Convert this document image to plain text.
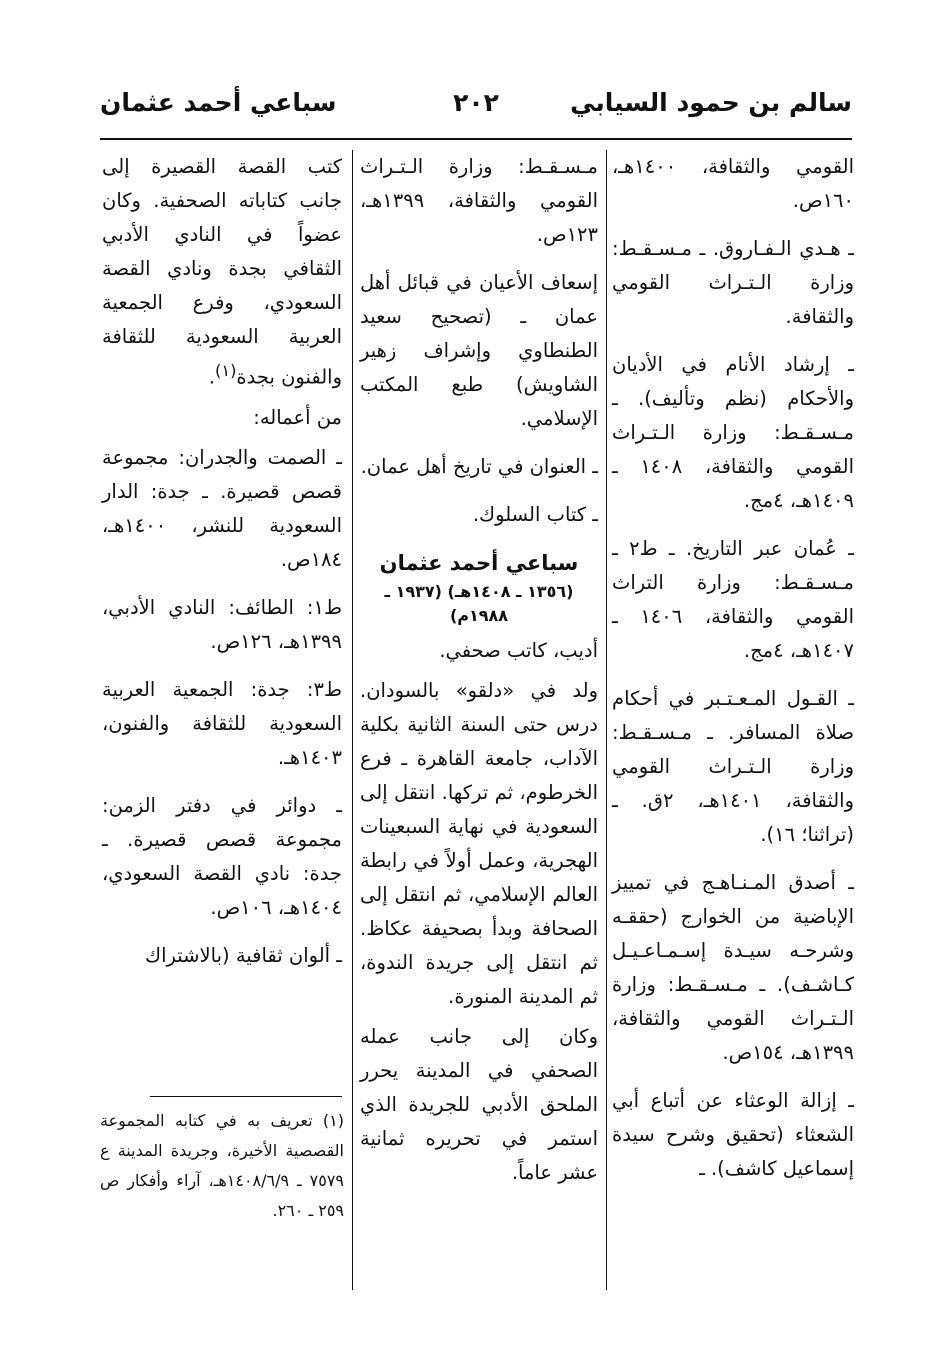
سالم بن حمود السيابي
٢٠٢
سباعي أحمد عثمان
القومي والثقافة، ١٤٠٠هـ، ١٦٠ص.
ـ هـدي الـفـاروق. ـ مـسـقـط: وزارة الـتـراث القومي والثقافة.
ـ إرشاد الأنام في الأديان والأحكام (نظم وتأليف). ـ مـسـقـط: وزارة الـتـراث القومي والثقافة، ١٤٠٨ ـ ١٤٠٩هـ، ٤مج.
ـ عُمان عبر التاريخ. ـ ط٢ ـ مـسـقـط: وزارة التراث القومي والثقافة، ١٤٠٦ ـ ١٤٠٧هـ، ٤مج.
ـ القـول المـعـتـبر في أحكام صلاة المسافر. ـ مـسـقـط: وزارة الـتـراث القومي والثقافة، ١٤٠١هـ، ٢ق. ـ (تراثنا؛ ١٦).
ـ أصدق المـنـاهـج في تمييز الإباضية من الخوارج (حققـه وشرحـه سيـدة إسـمـاعـيـل كـاشـف). ـ مـسـقـط: وزارة الـتـراث القومي والثقافة، ١٣٩٩هـ، ١٥٤ص.
ـ إزالة الوعثاء عن أتباع أبي الشعثاء (تحقيق وشرح سيدة إسماعيل كاشف). ـ
مـسـقـط: وزارة الـتـراث القومي والثقافة، ١٣٩٩هـ، ١٢٣ص.
إسعاف الأعيان في قبائل أهل عمان ـ (تصحيح سعيد الطنطاوي وإشراف زهير الشاويش) طبع المكتب الإسلامي.
ـ العنوان في تاريخ أهل عمان.
ـ كتاب السلوك.
سباعي أحمد عثمان
(١٣٥٦ ـ ١٤٠٨هـ) (١٩٣٧ ـ ١٩٨٨م)
أديب، كاتب صحفي.
ولد في «دلقو» بالسودان. درس حتى السنة الثانية بكلية الآداب، جامعة القاهرة ـ فرع الخرطوم، ثم تركها. انتقل إلى السعودية في نهاية السبعينات الهجرية، وعمل أولاً في رابطة العالم الإسلامي، ثم انتقل إلى الصحافة وبدأ بصحيفة عكاظ. ثم انتقل إلى جريدة الندوة، ثم المدينة المنورة.
وكان إلى جانب عمله الصحفي في المدينة يحرر الملحق الأدبي للجريدة الذي استمر في تحريره ثمانية عشر عاماً.
كتب القصة القصيرة إلى جانب كتاباته الصحفية. وكان عضواً في النادي الأدبي الثقافي بجدة ونادي القصة السعودي، وفرع الجمعية العربية السعودية للثقافة والفنون بجدة$^{(١)}$.
من أعماله:
ـ الصمت والجدران: مجموعة قصص قصيرة. ـ جدة: الدار السعودية للنشر، ١٤٠٠هـ، ١٨٤ص.
ط١: الطائف: النادي الأدبي، ١٣٩٩هـ، ١٢٦ص.
ط٣: جدة: الجمعية العربية السعودية للثقافة والفنون، ١٤٠٣هـ.
ـ دوائر في دفتر الزمن: مجموعة قصص قصيرة. ـ جدة: نادي القصة السعودي، ١٤٠٤هـ، ١٠٦ص.
ـ ألوان ثقافية (بالاشتراك
(١) تعريف به في كتابه المجموعة القصصية الأخيرة، وجريدة المدينة ع ٧٥٧٩ ـ ١٤٠٨/٦/٩هـ، آراء وأفكار ص ٢٥٩ ـ ٢٦٠.
